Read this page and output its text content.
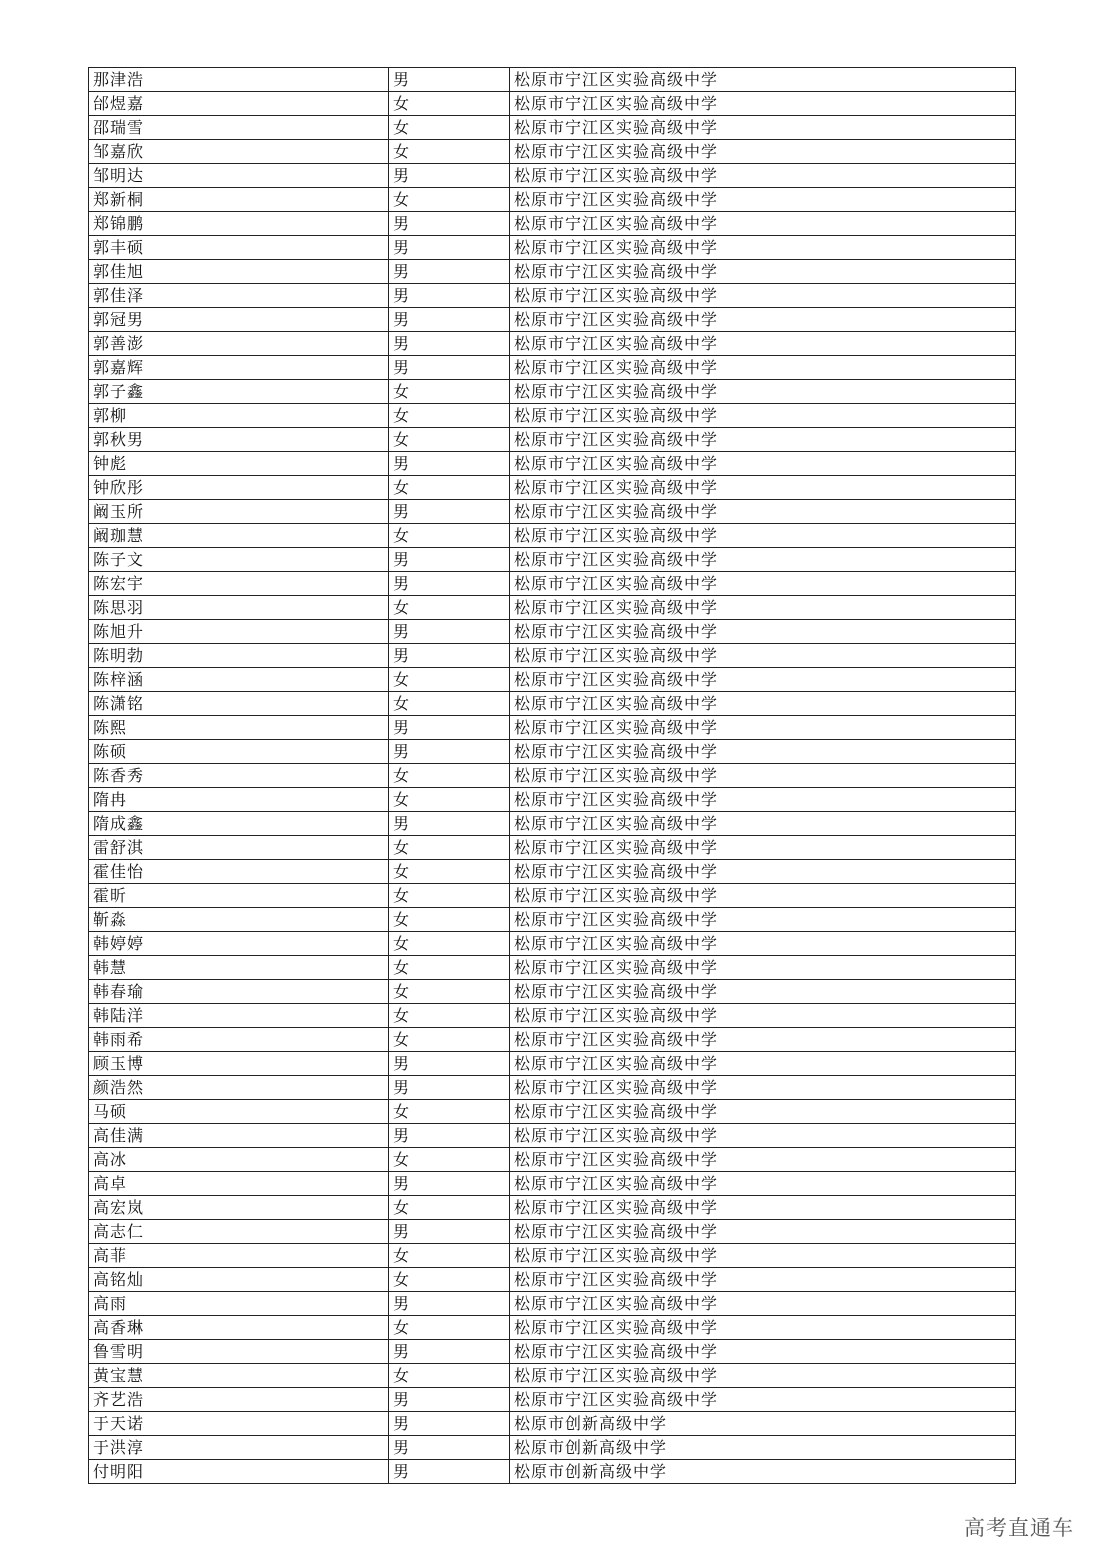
那津浩	男	松原市宁江区实验高级中学
邰煜嘉	女	松原市宁江区实验高级中学
邵瑞雪	女	松原市宁江区实验高级中学
邹嘉欣	女	松原市宁江区实验高级中学
邹明达	男	松原市宁江区实验高级中学
郑新桐	女	松原市宁江区实验高级中学
郑锦鹏	男	松原市宁江区实验高级中学
郭丰硕	男	松原市宁江区实验高级中学
郭佳旭	男	松原市宁江区实验高级中学
郭佳泽	男	松原市宁江区实验高级中学
郭冠男	男	松原市宁江区实验高级中学
郭善澎	男	松原市宁江区实验高级中学
郭嘉辉	男	松原市宁江区实验高级中学
郭子鑫	女	松原市宁江区实验高级中学
郭柳	女	松原市宁江区实验高级中学
郭秋男	女	松原市宁江区实验高级中学
钟彪	男	松原市宁江区实验高级中学
钟欣彤	女	松原市宁江区实验高级中学
阚玉所	男	松原市宁江区实验高级中学
阚珈慧	女	松原市宁江区实验高级中学
陈子文	男	松原市宁江区实验高级中学
陈宏宇	男	松原市宁江区实验高级中学
陈思羽	女	松原市宁江区实验高级中学
陈旭升	男	松原市宁江区实验高级中学
陈明勃	男	松原市宁江区实验高级中学
陈梓涵	女	松原市宁江区实验高级中学
陈潇铭	女	松原市宁江区实验高级中学
陈熙	男	松原市宁江区实验高级中学
陈硕	男	松原市宁江区实验高级中学
陈香秀	女	松原市宁江区实验高级中学
隋冉	女	松原市宁江区实验高级中学
隋成鑫	男	松原市宁江区实验高级中学
雷舒淇	女	松原市宁江区实验高级中学
霍佳怡	女	松原市宁江区实验高级中学
霍昕	女	松原市宁江区实验高级中学
靳淼	女	松原市宁江区实验高级中学
韩婷婷	女	松原市宁江区实验高级中学
韩慧	女	松原市宁江区实验高级中学
韩春瑜	女	松原市宁江区实验高级中学
韩陆洋	女	松原市宁江区实验高级中学
韩雨希	女	松原市宁江区实验高级中学
顾玉博	男	松原市宁江区实验高级中学
颜浩然	男	松原市宁江区实验高级中学
马硕	女	松原市宁江区实验高级中学
高佳满	男	松原市宁江区实验高级中学
高冰	女	松原市宁江区实验高级中学
高卓	男	松原市宁江区实验高级中学
高宏岚	女	松原市宁江区实验高级中学
高志仁	男	松原市宁江区实验高级中学
高菲	女	松原市宁江区实验高级中学
高铭灿	女	松原市宁江区实验高级中学
高雨	男	松原市宁江区实验高级中学
高香琳	女	松原市宁江区实验高级中学
鲁雪明	男	松原市宁江区实验高级中学
黄宝慧	女	松原市宁江区实验高级中学
齐艺浩	男	松原市宁江区实验高级中学
于天诺	男	松原市创新高级中学
于洪淳	男	松原市创新高级中学
付明阳	男	松原市创新高级中学
高考直通车
